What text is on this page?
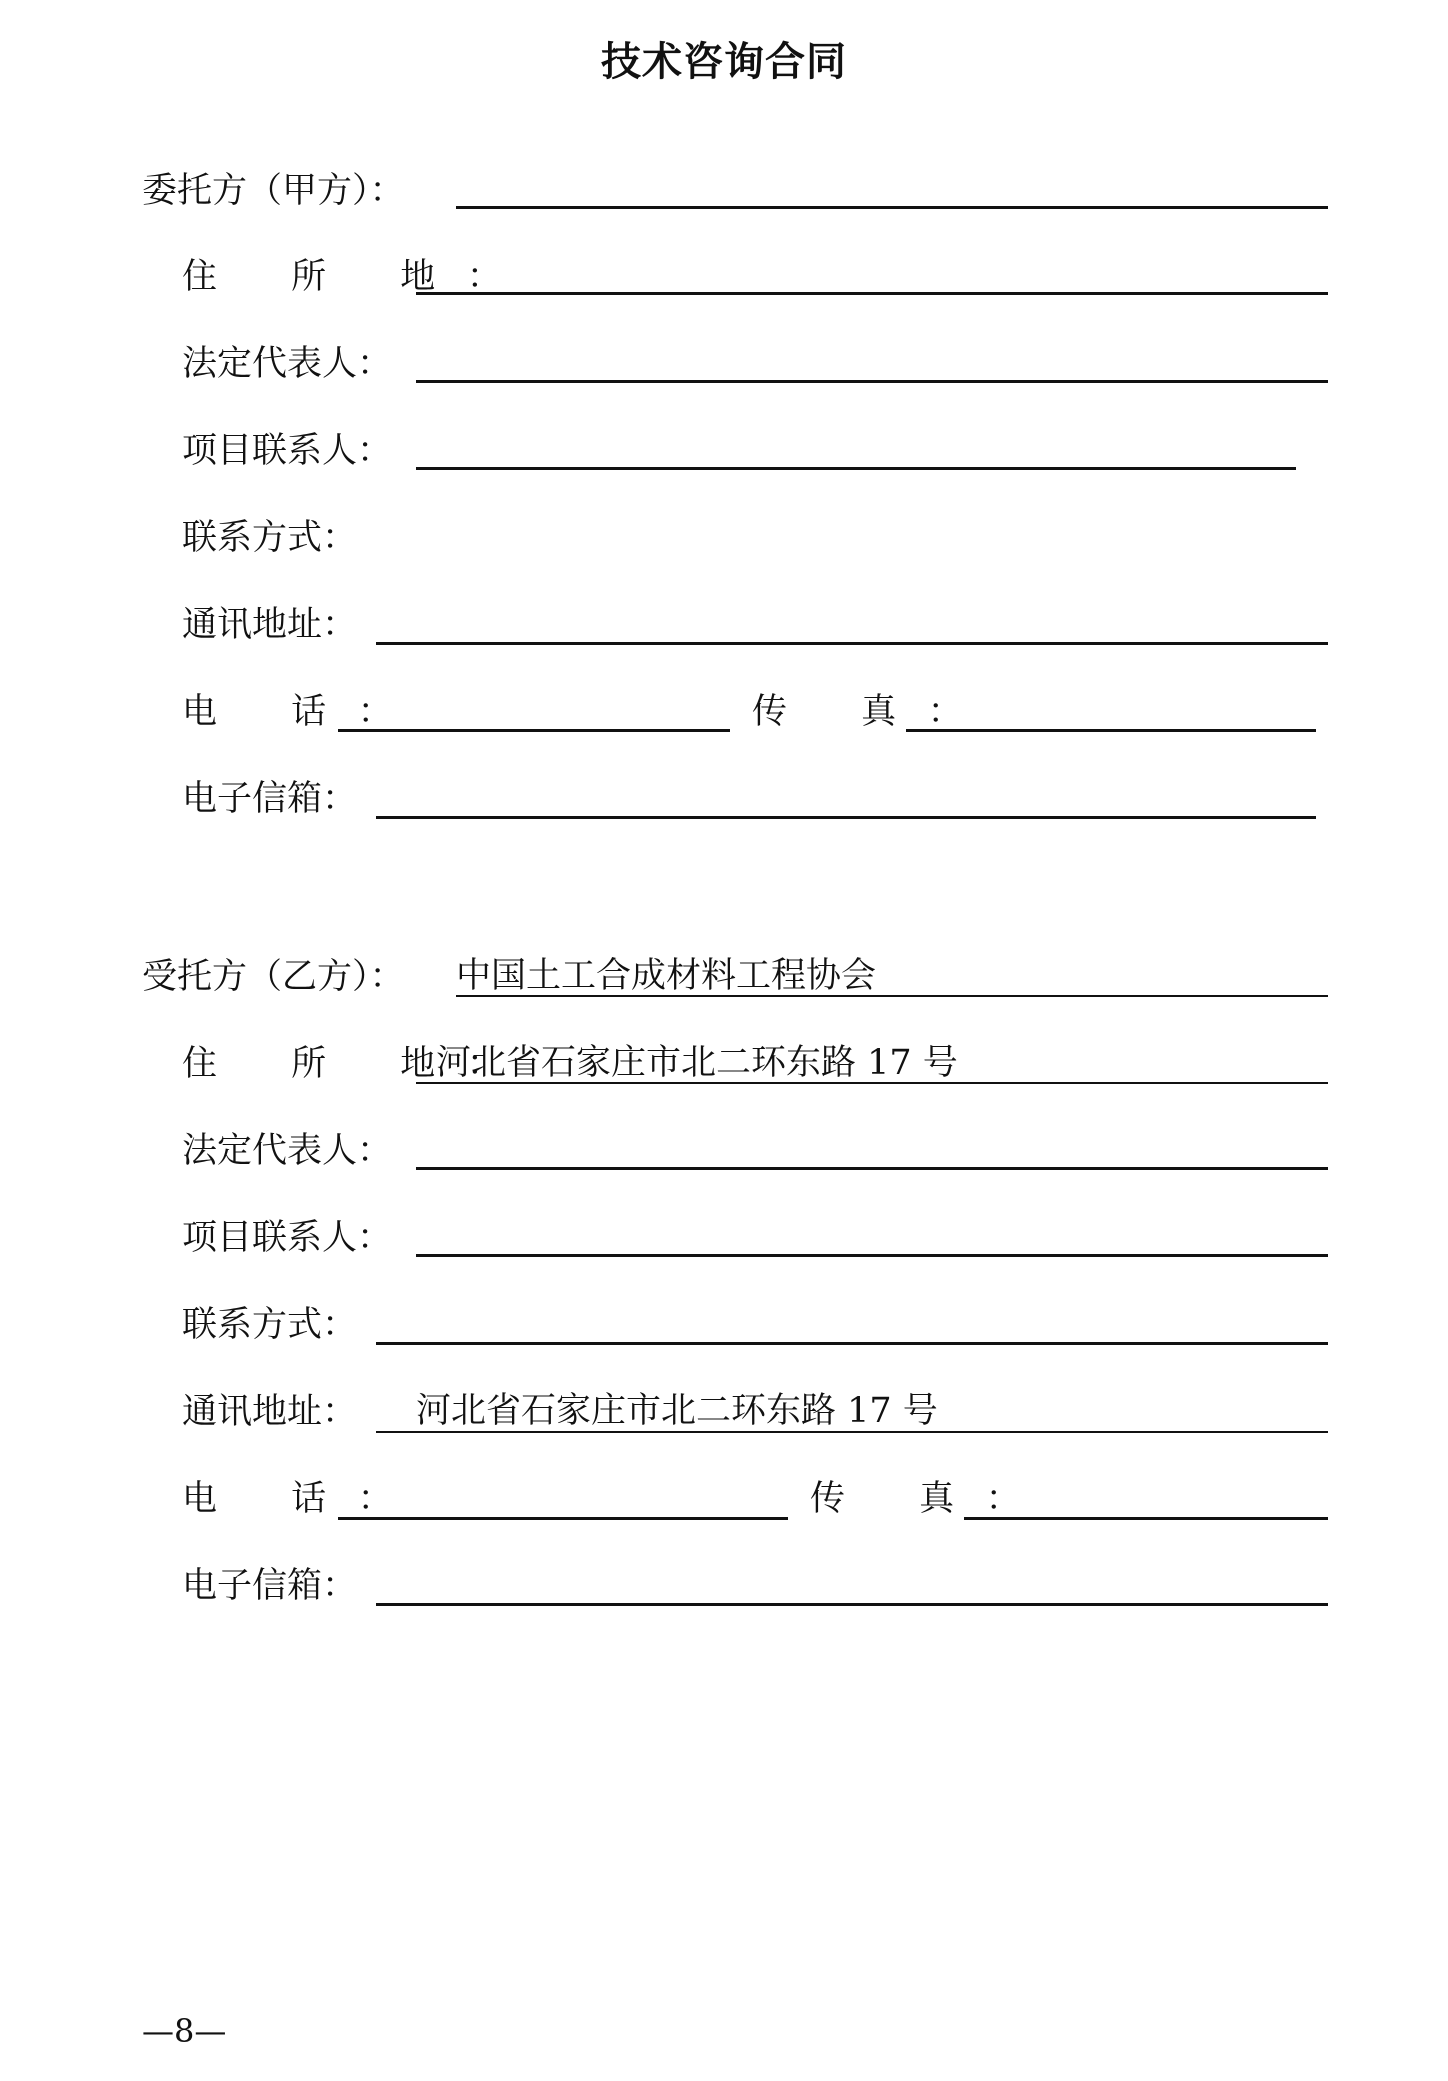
技术咨询合同
委托方（甲方）：
住 所 地：
法定代表人：
项目联系人：
联系方式：
通讯地址：
电 话：	传 真：
电子信箱：
受托方（乙方）： 中国土工合成材料工程协会
住 所 地：
河北省石家庄市北二环东路 17 号
法定代表人：
项目联系人：
联系方式：
通讯地址： 河北省石家庄市北二环东路 17 号
电 话：	传 真：
电子信箱：
—8—
